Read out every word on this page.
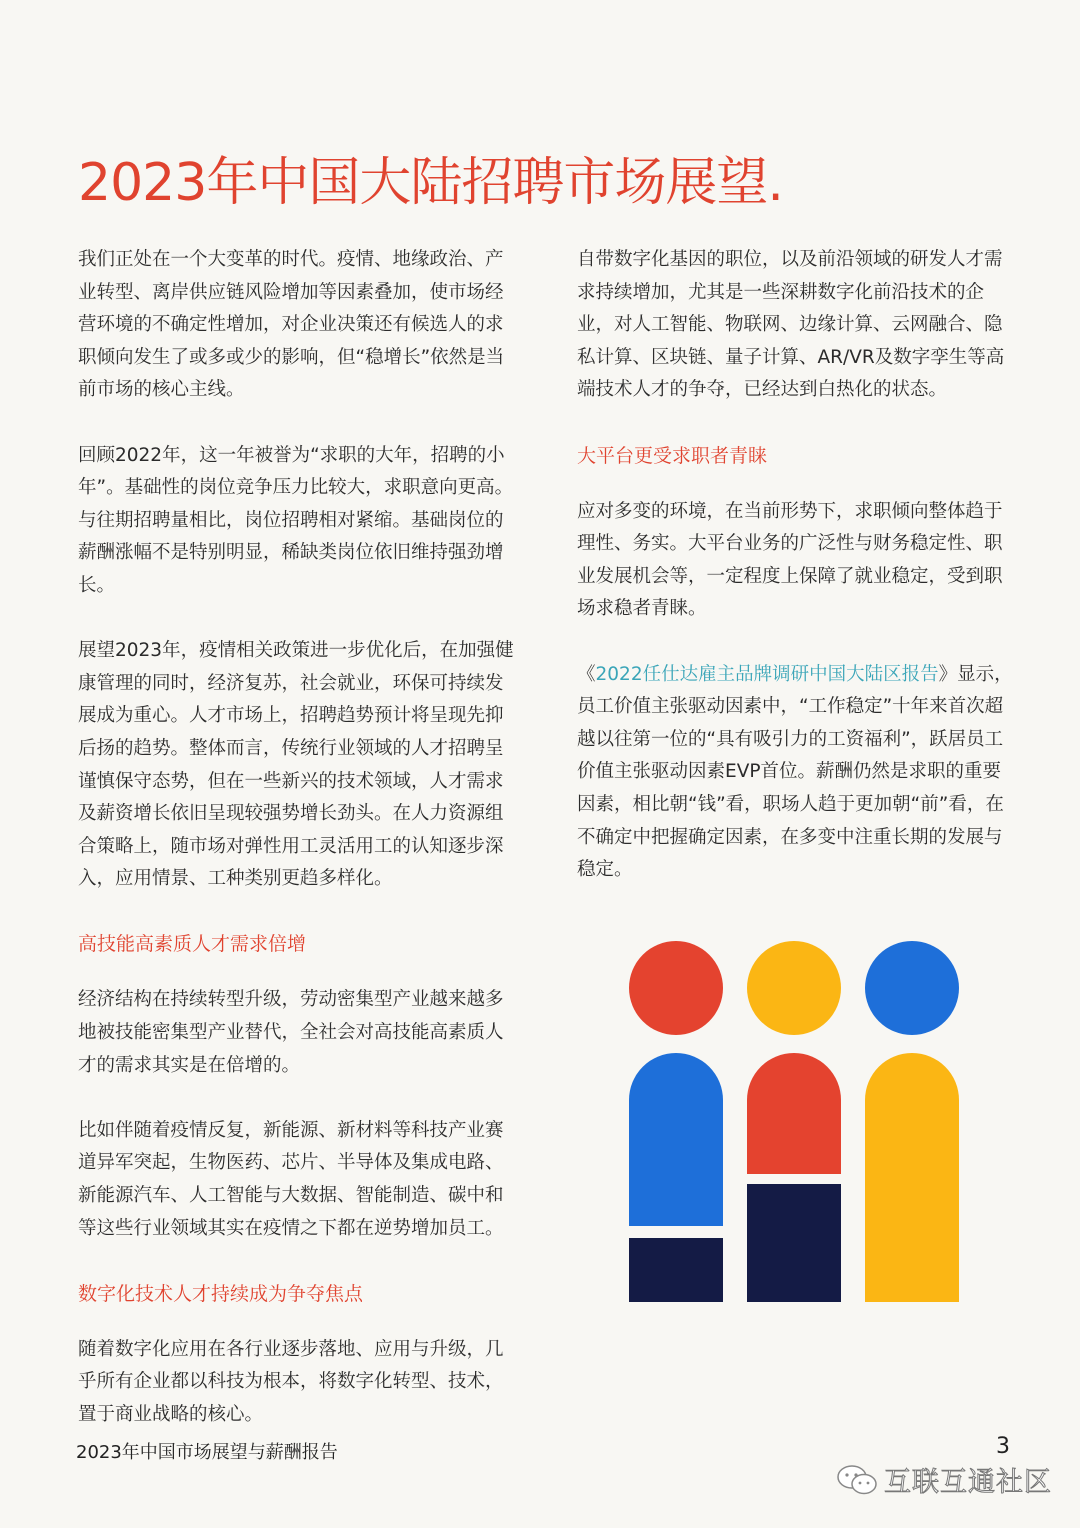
2023年中国大陆招聘市场展望.

我们正处在一个大变革的时代。疫情、地缘政治、产业转型、离岸供应链风险增加等因素叠加，使市场经营环境的不确定性增加，对企业决策还有候选人的求职倾向发生了或多或少的影响，但“稳增长”依然是当前市场的核心主线。

回顾2022年，这一年被誉为“求职的大年，招聘的小年”。基础性的岗位竞争压力比较大，求职意向更高。与往期招聘量相比，岗位招聘相对紧缩。基础岗位的薪酬涨幅不是特别明显，稀缺类岗位依旧维持强劲增长。

展望2023年，疫情相关政策进一步优化后，在加强健康管理的同时，经济复苏，社会就业，环保可持续发展成为重心。人才市场上，招聘趋势预计将呈现先抑后扬的趋势。整体而言，传统行业领域的人才招聘呈谨慎保守态势，但在一些新兴的技术领域，人才需求及薪资增长依旧呈现较强势增长劲头。在人力资源组合策略上，随市场对弹性用工灵活用工的认知逐步深入，应用情景、工种类别更趋多样化。

高技能高素质人才需求倍增

经济结构在持续转型升级，劳动密集型产业越来越多地被技能密集型产业替代，全社会对高技能高素质人才的需求其实是在倍增的。

比如伴随着疫情反复，新能源、新材料等科技产业赛道异军突起，生物医药、芯片、半导体及集成电路、新能源汽车、人工智能与大数据、智能制造、碳中和等这些行业领域其实在疫情之下都在逆势增加员工。

数字化技术人才持续成为争夺焦点

随着数字化应用在各行业逐步落地、应用与升级，几乎所有企业都以科技为根本，将数字化转型、技术，置于商业战略的核心。

自带数字化基因的职位，以及前沿领域的研发人才需求持续增加，尤其是一些深耕数字化前沿技术的企业，对人工智能、物联网、边缘计算、云网融合、隐私计算、区块链、量子计算、AR/VR及数字孪生等高端技术人才的争夺，已经达到白热化的状态。

大平台更受求职者青睐

应对多变的环境，在当前形势下，求职倾向整体趋于理性、务实。大平台业务的广泛性与财务稳定性、职业发展机会等，一定程度上保障了就业稳定，受到职场求稳者青睐。

《2022任仕达雇主品牌调研中国大陆区报告》显示，员工价值主张驱动因素中，“工作稳定”十年来首次超越以往第一位的“具有吸引力的工资福利”，跃居员工价值主张驱动因素EVP首位。薪酬仍然是求职的重要因素，相比朝“钱”看，职场人趋于更加朝“前”看，在不确定中把握确定因素，在多变中注重长期的发展与稳定。

2023年中国市场展望与薪酬报告	3
互联互通社区
